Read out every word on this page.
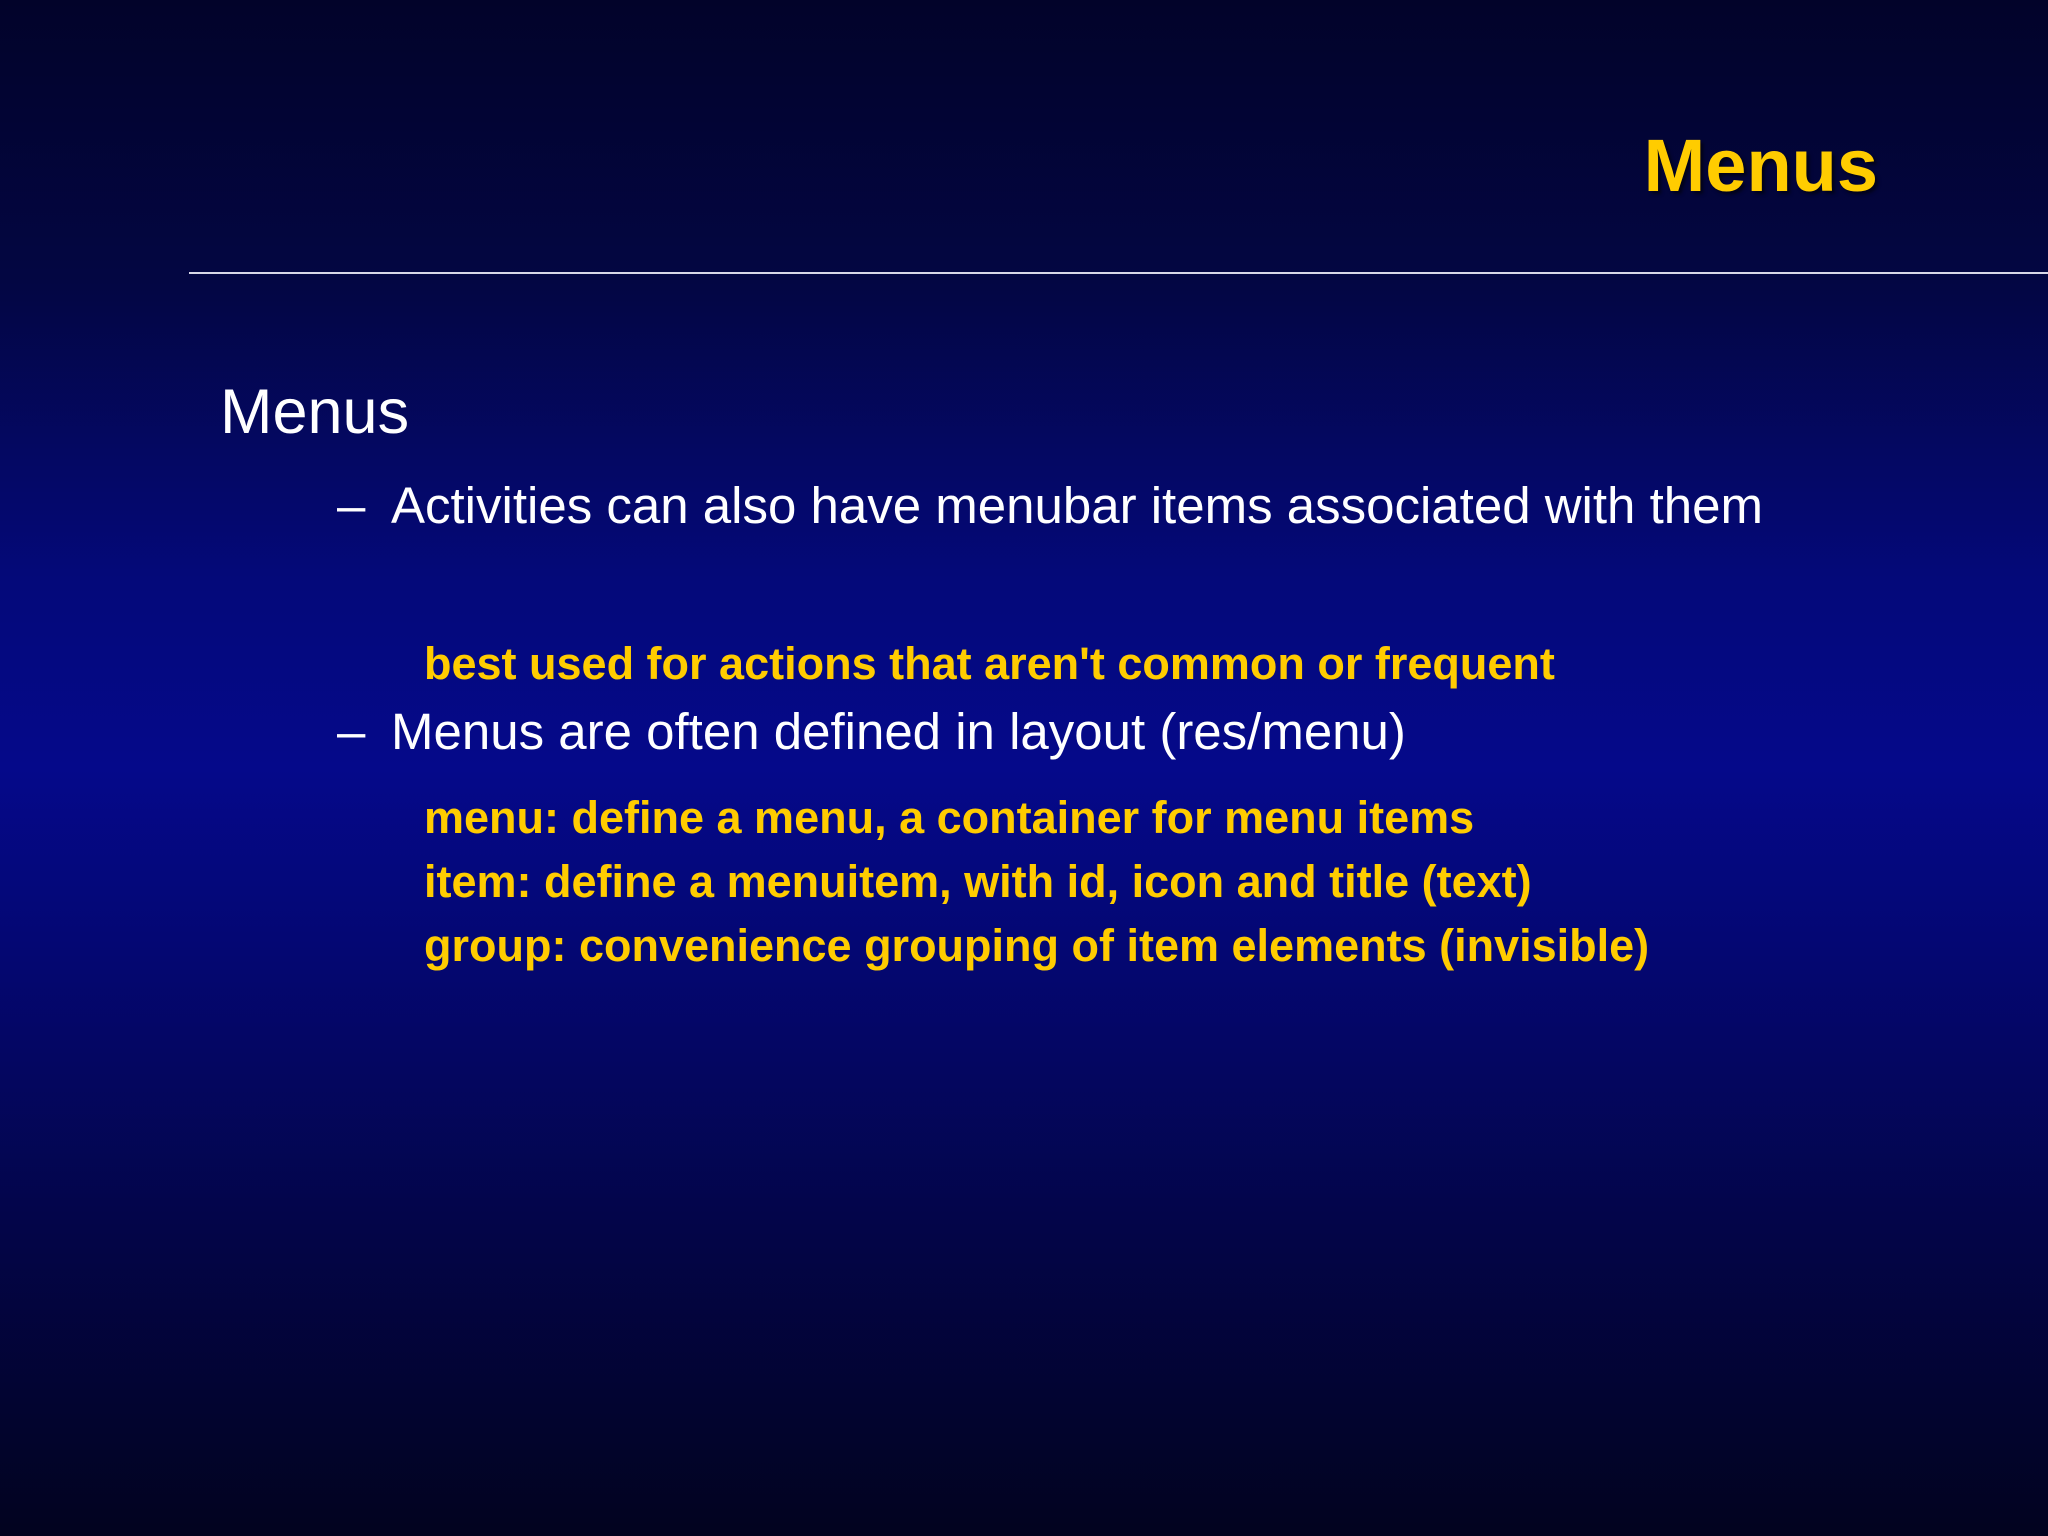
Menus

Menus

– Activities can also have menubar items associated with them

best used for actions that aren't common or frequent

– Menus are often defined in layout (res/menu)

menu: define a menu, a container for menu items

item: define a menuitem, with id, icon and title (text)

group: convenience grouping of item elements (invisible)
